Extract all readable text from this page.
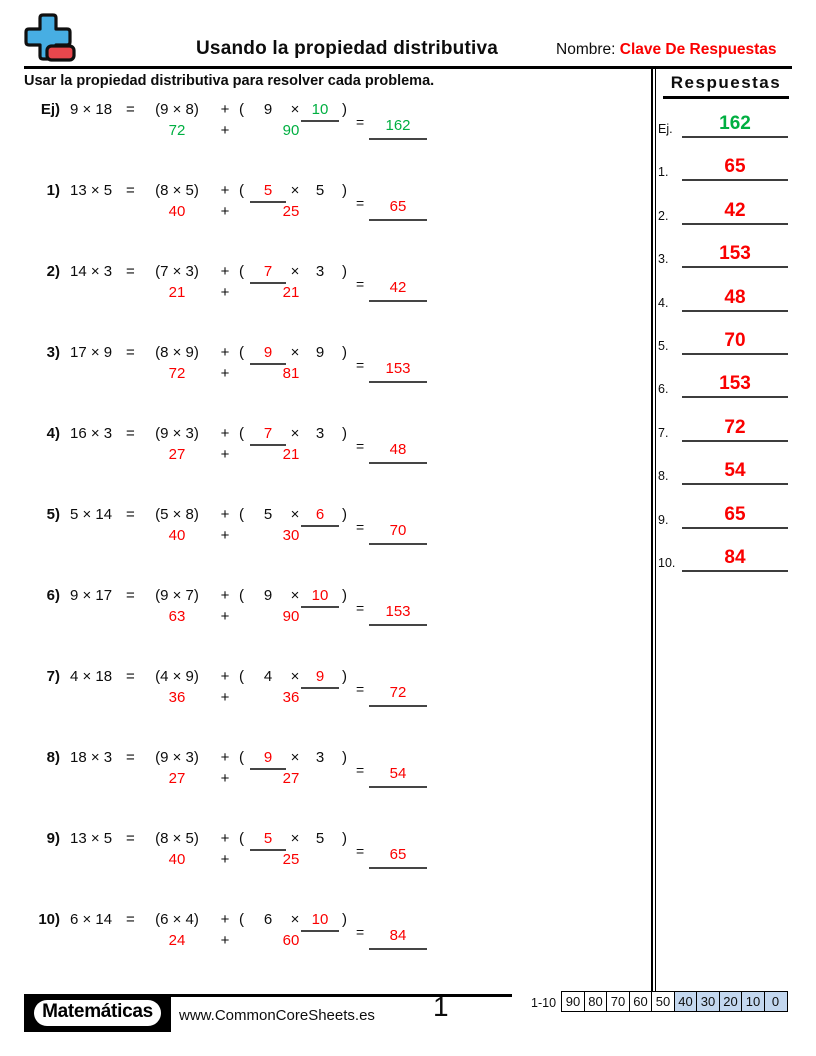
Usando la propiedad distributiva	Nombre: Clave De Respuestas
Usar la propiedad distributiva para resolver cada problema.
Ej) 9 × 18 =	(9 × 8)	+ (	9	× 10 )
=	162
72	+	90
1) 13 × 5 =	(8 × 5)	+ (	5	×	5	)
=	65
40	+	25
2) 14 × 3 =	(7 × 3)	+ (	7	×	3	)
=	42
21	+	21
3) 17 × 9 =	(8 × 9)	+ (	9	×	9	)
=	153
72	+	81
4) 16 × 3 =	(9 × 3)	+ (	7	×	3	)
=	48
27	+	21
5) 5 × 14 =	(5 × 8)	+ (	5	×	6	)
=	70
40	+	30
6) 9 × 17 =	(9 × 7)	+ (	9	× 10 )
=	153
63	+	90
7) 4 × 18 =	(4 × 9)	+ (	4	×	9	)
=	72
36	+	36
8) 18 × 3 =	(9 × 3)	+ (	9	×	3	)
=	54
27	+	27
9) 13 × 5 =	(8 × 5)	+ (	5	×	5	)
=	65
40	+	25
10) 6 × 14 =	(6 × 4)	+ (	6	× 10 )
=	84
24	+	60
Respuestas
Ej.	162
1.	65
2.	42
3.	153
4.	48
5.	70
6.	153
7.	72
8.	54
9.	65
10.	84
Matemáticas	www.CommonCoreSheets.es 1	1-10 90 80 70 60 50 40 30 20 10 0
